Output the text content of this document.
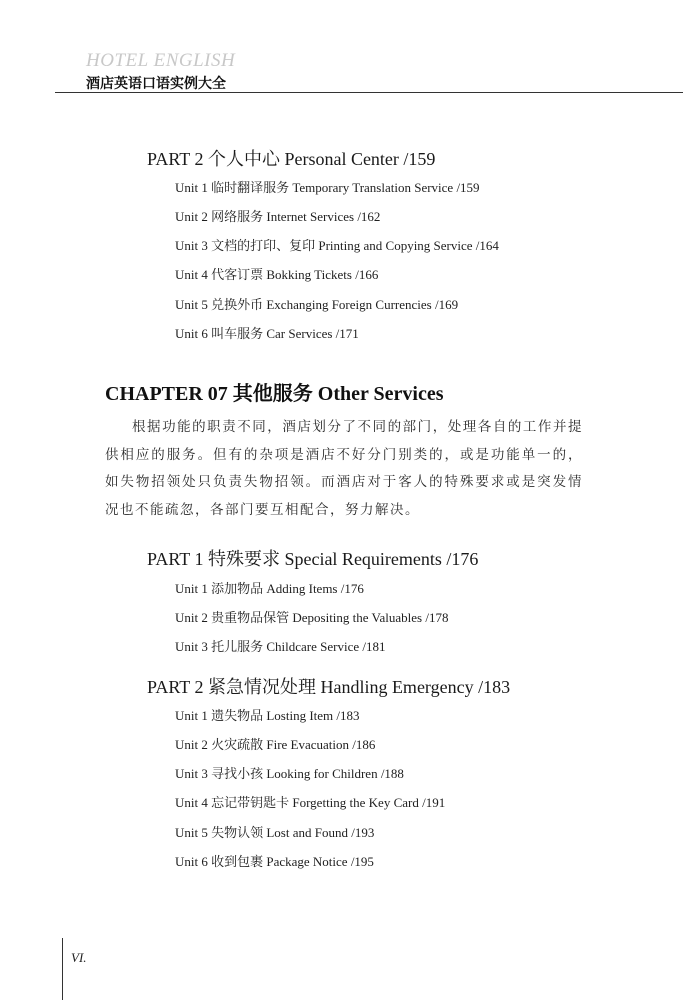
HOTEL ENGLISH
酒店英语口语实例大全
PART 2 个人中心 Personal Center /159
Unit 1 临时翻译服务 Temporary Translation Service /159
Unit 2 网络服务 Internet Services /162
Unit 3 文档的打印、复印 Printing and Copying Service /164
Unit 4 代客订票 Bokking Tickets /166
Unit 5 兑换外币 Exchanging Foreign Currencies /169
Unit 6 叫车服务 Car Services /171
CHAPTER 07 其他服务 Other Services
根据功能的职责不同，酒店划分了不同的部门，处理各自的工作并提供相应的服务。但有的杂项是酒店不好分门别类的，或是功能单一的，如失物招领处只负责失物招领。而酒店对于客人的特殊要求或是突发情况也不能疏忽，各部门要互相配合，努力解决。
PART 1 特殊要求 Special Requirements /176
Unit 1 添加物品 Adding Items /176
Unit 2 贵重物品保管 Depositing the Valuables /178
Unit 3 托儿服务 Childcare Service /181
PART 2 紧急情况处理 Handling Emergency /183
Unit 1 遗失物品 Losting Item /183
Unit 2 火灾疏散 Fire Evacuation /186
Unit 3 寻找小孩 Looking for Children /188
Unit 4 忘记带钥匙卡 Forgetting the Key Card /191
Unit 5 失物认领 Lost and Found /193
Unit 6 收到包裹 Package Notice /195
VI.
